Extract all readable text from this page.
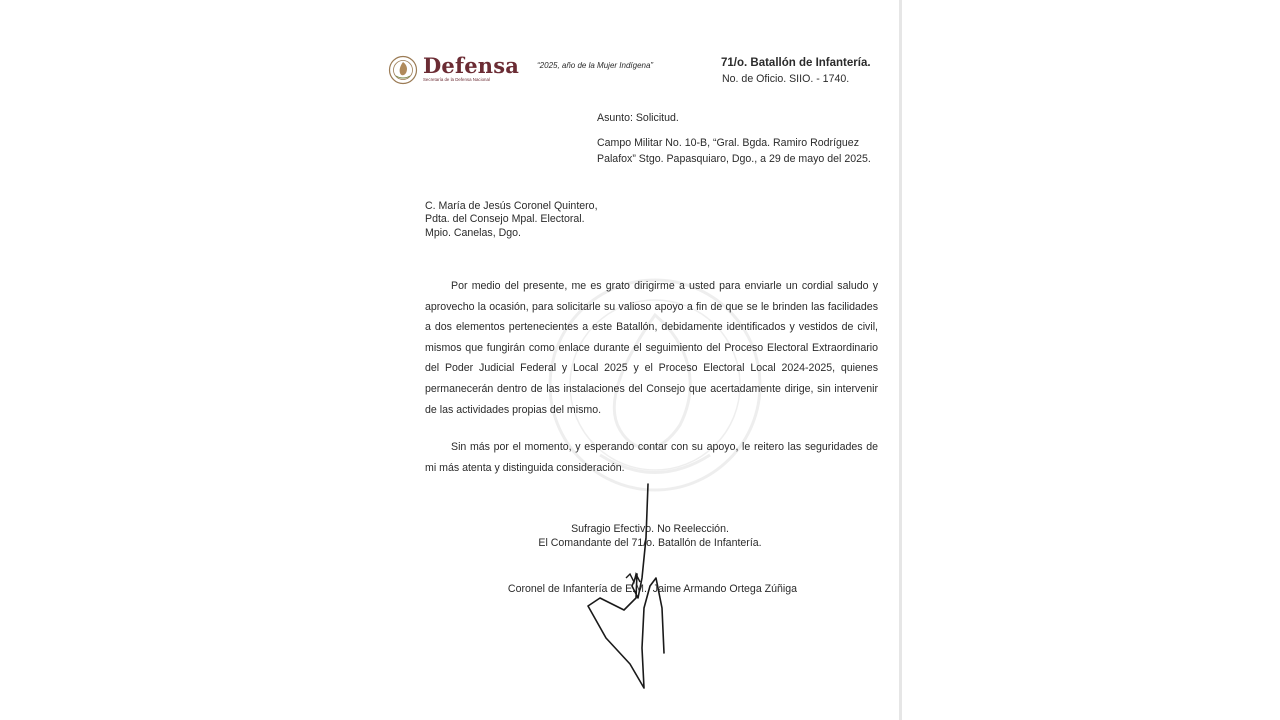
Defensa
Secretaría de la Defensa Nacional
“2025, año de la Mujer Indígena”	71/o. Batallón de Infantería.
No. de Oficio. SIIO. - 1740.
Asunto: Solicitud.
Campo Militar No. 10-B, “Gral. Bgda. Ramiro Rodríguez
Palafox” Stgo. Papasquiaro, Dgo., a 29 de mayo del 2025.
C. María de Jesús Coronel Quintero,
Pdta. del Consejo Mpal. Electoral.
Mpio. Canelas, Dgo.
Por medio del presente, me es grato dirigirme a usted para enviarle un cordial saludo y aprovecho la ocasión, para solicitarle su valioso apoyo a fin de que se le brinden las facilidades a dos elementos pertenecientes a este Batallón, debidamente identificados y vestidos de civil, mismos que fungirán como enlace durante el seguimiento del Proceso Electoral Extraordinario del Poder Judicial Federal y Local 2025 y el Proceso Electoral Local 2024-2025, quienes permanecerán dentro de las instalaciones del Consejo que acertadamente dirige, sin intervenir de las actividades propias del mismo.
Sin más por el momento, y esperando contar con su apoyo, le reitero las seguridades de mi más atenta y distinguida consideración.
Sufragio Efectivo. No Reelección.
El Comandante del 71/o. Batallón de Infantería.
Coronel de Infantería de E.M., Jaime Armando Ortega Zúñiga
